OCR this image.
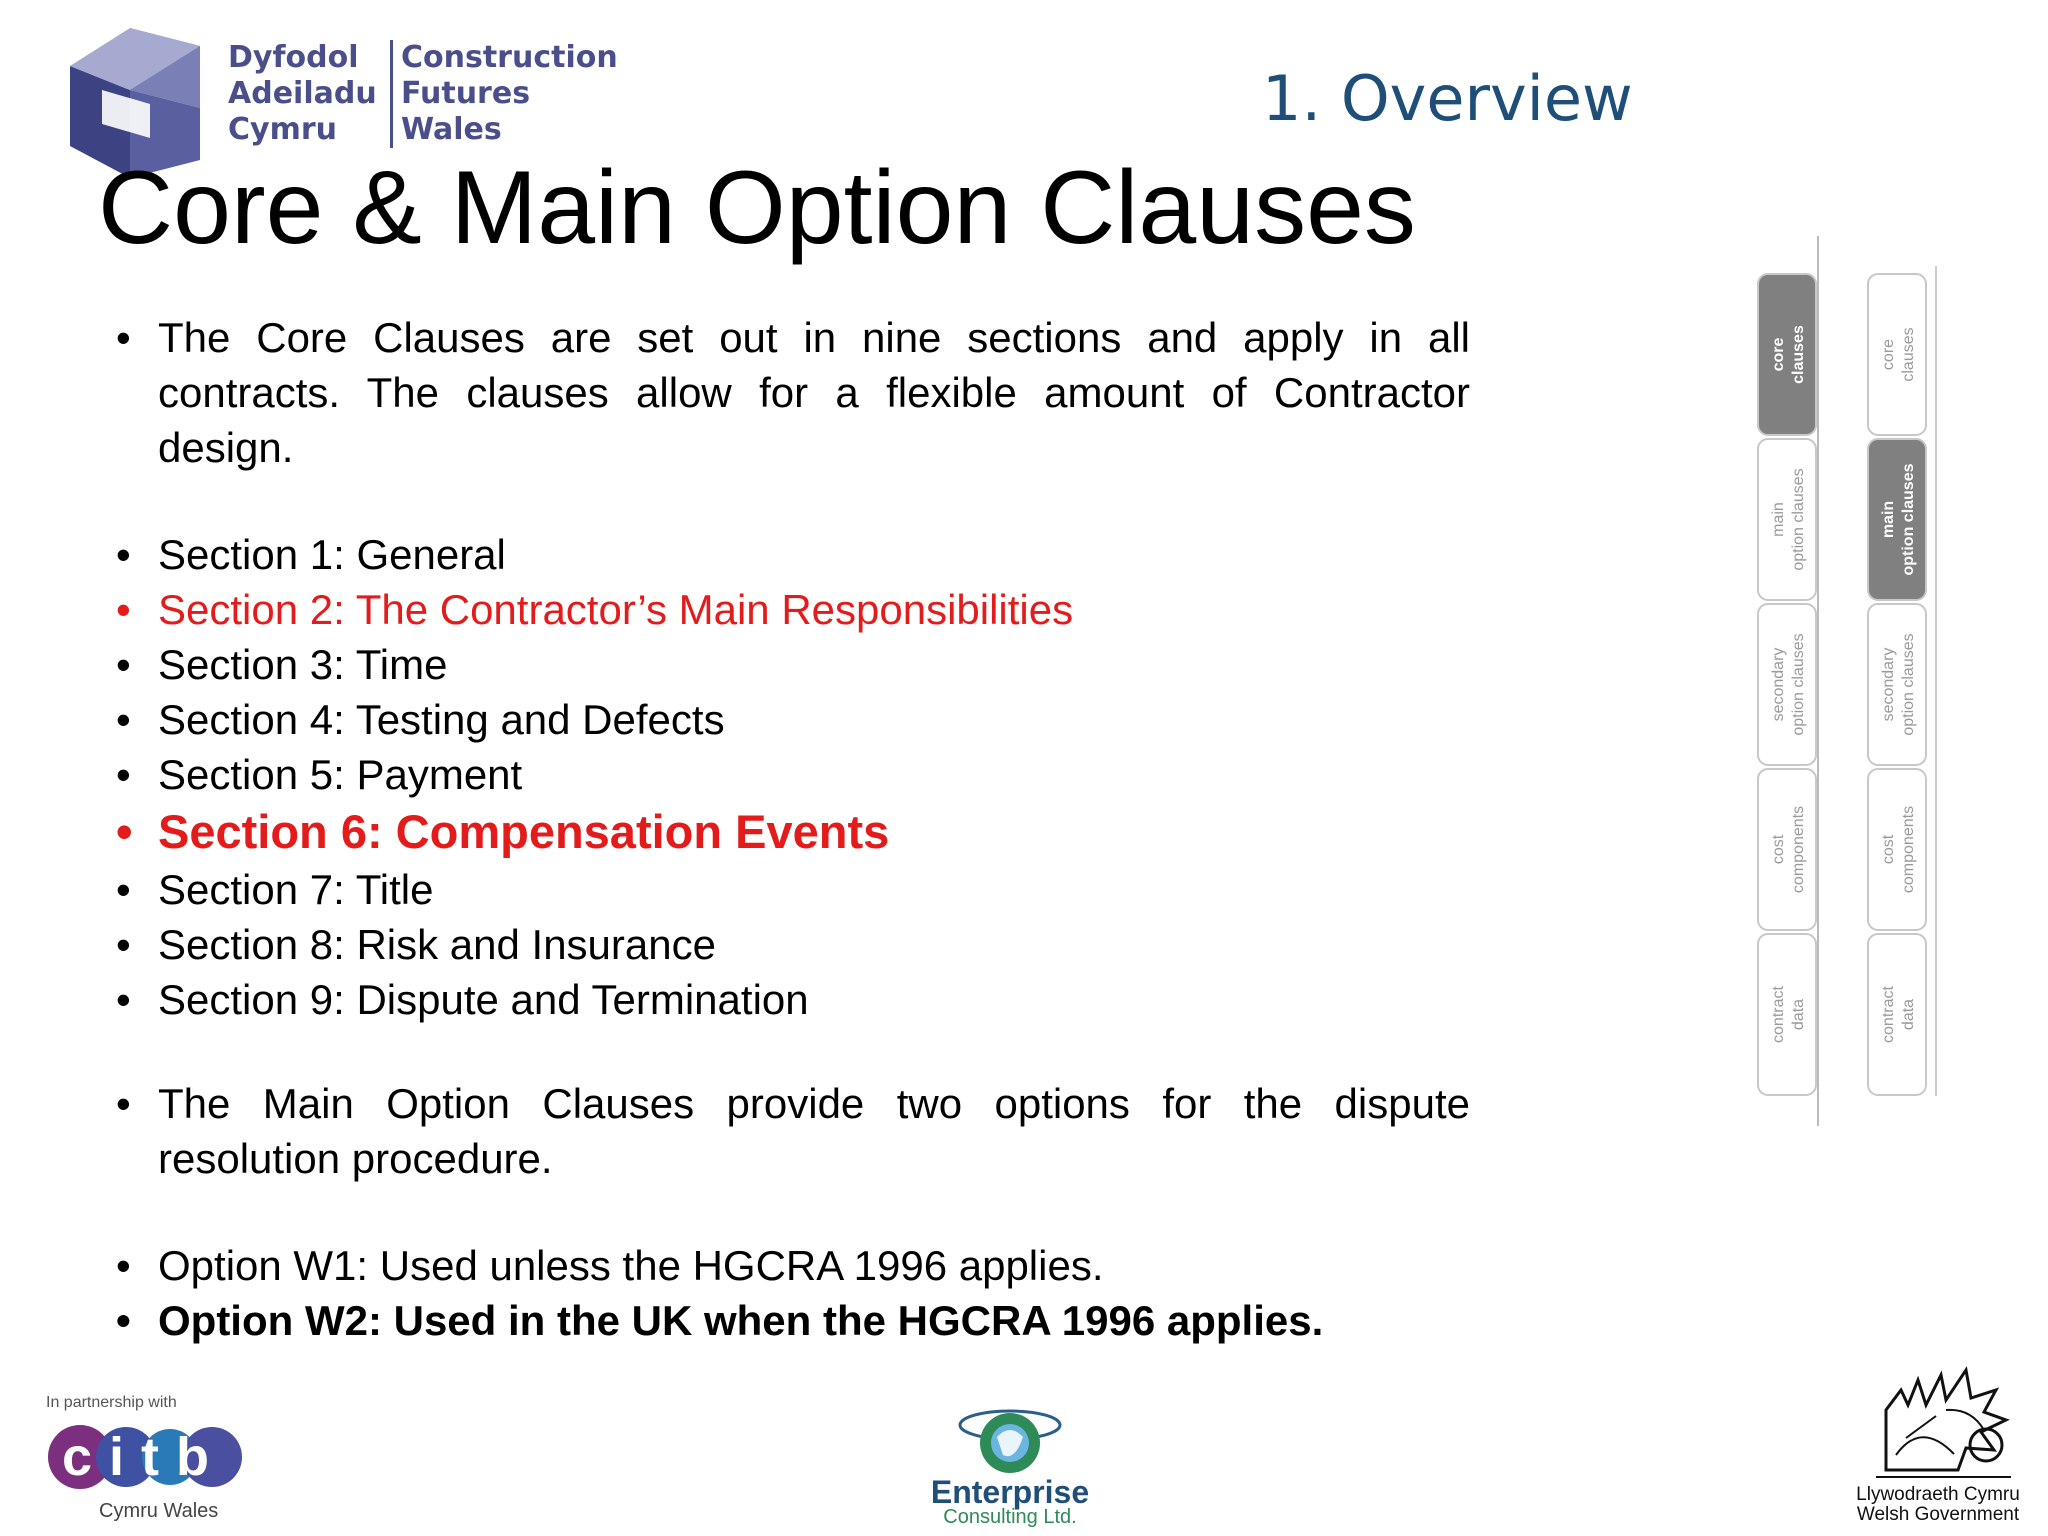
Dyfodol
Adeiladu
Cymru
Construction
Futures
Wales	1. Overview
Core & Main Option Clauses
• The Core Clauses are set out in nine sections and apply in all contracts. The clauses allow for a flexible amount of Contractor design.
• Section 1: General
• Section 2: The Contractor’s Main Responsibilities
• Section 3: Time
• Section 4: Testing and Defects
• Section 5: Payment
• Section 6: Compensation Events
• Section 7: Title
• Section 8: Risk and Insurance
• Section 9: Dispute and Termination
• The Main Option Clauses provide two options for the dispute resolution procedure.
• Option W1: Used unless the HGCRA 1996 applies.
• Option W2: Used in the UK when the HGCRA 1996 applies.
core clauses
main option clauses
secondary option clauses
cost components
contract data
core clauses
main option clauses
secondary option clauses
cost components
contract data
In partnership with
citb
Cymru Wales
Enterprise
Consulting Ltd.
Llywodraeth Cymru
Welsh Government
